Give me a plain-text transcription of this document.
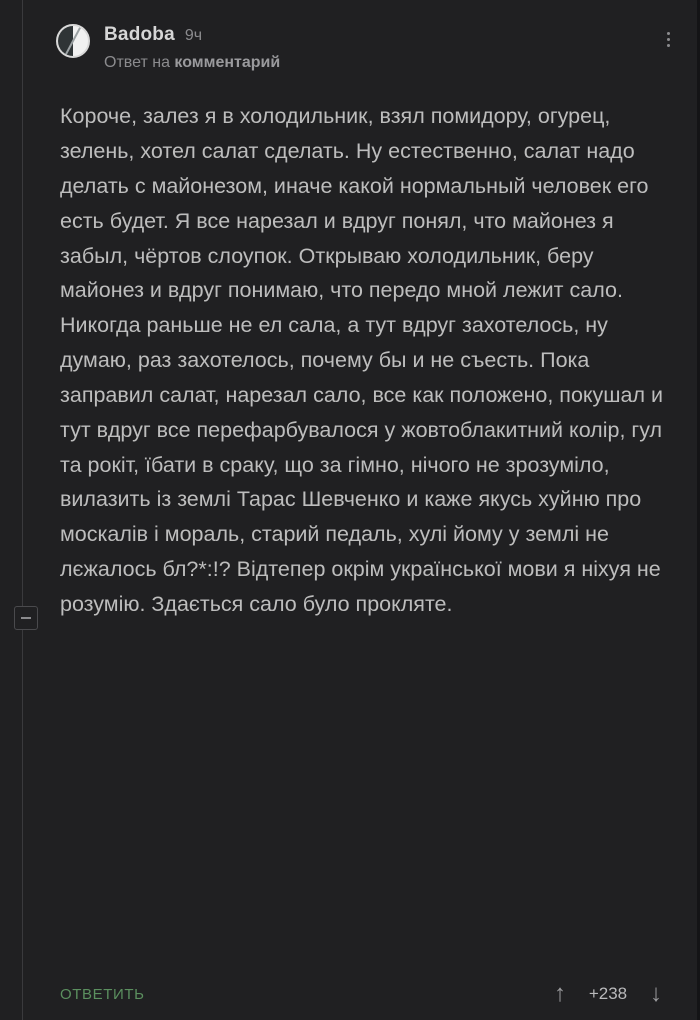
Badoba 9ч
Ответ на комментарий
Короче, залез я в холодильник, взял помидору, огурец, зелень, хотел салат сделать. Ну естественно, салат надо делать с майонезом, иначе какой нормальный человек его есть будет. Я все нарезал и вдруг понял, что майонез я забыл, чёртов слоупок. Открываю холодильник, беру майонез и вдруг понимаю, что передо мной лежит сало. Никогда раньше не ел сала, а тут вдруг захотелось, ну думаю, раз захотелось, почему бы и не съесть. Пока заправил салат, нарезал сало, все как положено, покушал и тут вдруг все перефарбувалося у жовтоблакитний колір, гул та рокіт, їбати в сраку, що за гімно, нічого не зрозуміло, вилазить із землі Тарас Шевченко и каже якусь хуйню про москалів і мораль, старий педаль, хулі йому у землі не лєжалось бл?*:!? Відтепер окрім української мови я ніхуя не розумію. Здається сало було прокляте.
ОТВЕТИТЬ	↑ +238 ↓
